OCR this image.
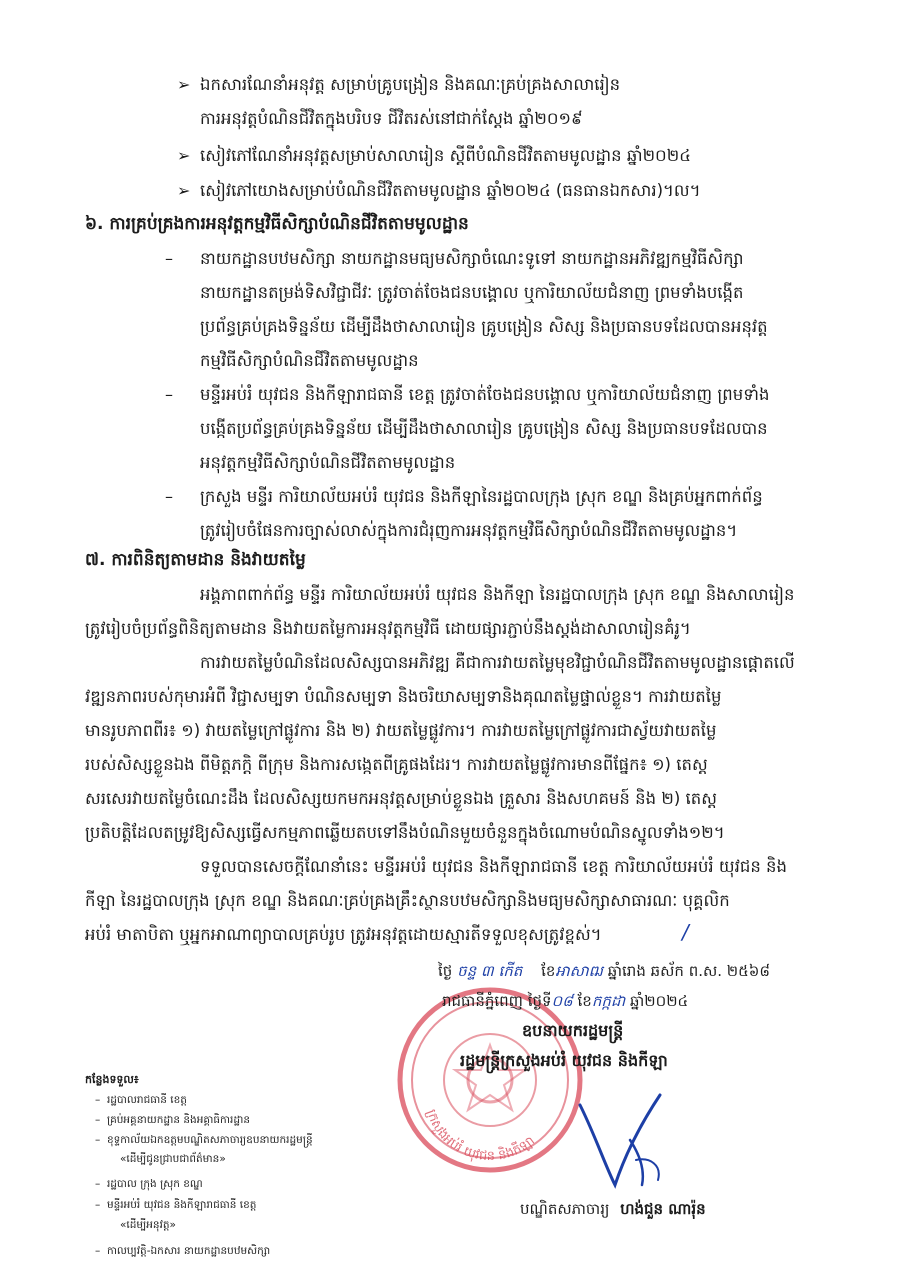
➢ ឯកសារណែនាំអនុវត្ត សម្រាប់គ្រូបង្រៀន និងគណៈគ្រប់គ្រងសាលារៀន
ការអនុវត្តបំណិនជីវិតក្នុងបរិបទ ជីវិតរស់នៅជាក់ស្តែង ឆ្នាំ២០១៩
➢ សៀវភៅណែនាំអនុវត្តសម្រាប់សាលារៀន ស្តីពីបំណិនជីវិតតាមមូលដ្ឋាន ឆ្នាំ២០២៤
➢ សៀវភៅយោងសម្រាប់បំណិនជីវិតតាមមូលដ្ឋាន ឆ្នាំ២០២៤ (ធនធានឯកសារ)។ល។
៦. ការគ្រប់គ្រងការអនុវត្តកម្មវិធីសិក្សាបំណិនជីវិតតាមមូលដ្ឋាន
– នាយកដ្ឋានបឋមសិក្សា នាយកដ្ឋានមធ្យមសិក្សាចំណេះទូទៅ នាយកដ្ឋានអភិវឌ្ឍកម្មវិធីសិក្សា
នាយកដ្ឋានតម្រង់ទិសវិជ្ជាជីវៈ ត្រូវចាត់ចែងជនបង្គោល ឬការិយាល័យជំនាញ ព្រមទាំងបង្កើត
ប្រព័ន្ធគ្រប់គ្រងទិន្នន័យ ដើម្បីដឹងថាសាលារៀន គ្រូបង្រៀន សិស្ស និងប្រធានបទដែលបានអនុវត្ត
កម្មវិធីសិក្សាបំណិនជីវិតតាមមូលដ្ឋាន
– មន្ទីរអប់រំ យុវជន និងកីឡារាជធានី ខេត្ត ត្រូវចាត់ចែងជនបង្គោល ឬការិយាល័យជំនាញ ព្រមទាំង
បង្កើតប្រព័ន្ធគ្រប់គ្រងទិន្នន័យ ដើម្បីដឹងថាសាលារៀន គ្រូបង្រៀន សិស្ស និងប្រធានបទដែលបាន
អនុវត្តកម្មវិធីសិក្សាបំណិនជីវិតតាមមូលដ្ឋាន
– ក្រសួង មន្ទីរ ការិយាល័យអប់រំ យុវជន និងកីឡានៃរដ្ឋបាលក្រុង ស្រុក ខណ្ឌ និងគ្រប់អ្នកពាក់ព័ន្ធ
ត្រូវរៀបចំផែនការច្បាស់លាស់ក្នុងការជំរុញការអនុវត្តកម្មវិធីសិក្សាបំណិនជីវិតតាមមូលដ្ឋាន។
៧. ការពិនិត្យតាមដាន និងវាយតម្លៃ
អង្គភាពពាក់ព័ន្ធ មន្ទីរ ការិយាល័យអប់រំ យុវជន និងកីឡា នៃរដ្ឋបាលក្រុង ស្រុក ខណ្ឌ និងសាលារៀន
ត្រូវរៀបចំប្រព័ន្ធពិនិត្យតាមដាន និងវាយតម្លៃការអនុវត្តកម្មវិធី ដោយផ្សារភ្ជាប់នឹងស្តង់ដាសាលារៀនគំរូ។
ការវាយតម្លៃបំណិនដែលសិស្សបានអភិវឌ្ឍ គឺជាការវាយតម្លៃមុខវិជ្ជាបំណិនជីវិតតាមមូលដ្ឋានផ្តោតលើ
វឌ្ឍនភាពរបស់កុមារអំពី វិជ្ជាសម្បទា បំណិនសម្បទា និងចរិយាសម្បទានិងគុណតម្លៃផ្ទាល់ខ្លួន។ ការវាយតម្លៃ
មានរូបភាពពីរ៖ ១) វាយតម្លៃក្រៅផ្លូវការ និង ២) វាយតម្លៃផ្លូវការ។ ការវាយតម្លៃក្រៅផ្លូវការជាស្វ័យវាយតម្លៃ
របស់សិស្សខ្លួនឯង ពីមិត្តភក្តិ ពីក្រុម និងការសង្កេតពីគ្រូផងដែរ។ ការវាយតម្លៃផ្លូវការមានពីផ្នែក៖ ១) តេស្ត
សរសេរវាយតម្លៃចំណេះដឹង ដែលសិស្សយកមកអនុវត្តសម្រាប់ខ្លួនឯង គ្រួសារ និងសហគមន៍ និង ២) តេស្ត
ប្រតិបត្តិដែលតម្រូវឱ្យសិស្សធ្វើសកម្មភាពឆ្លើយតបទៅនឹងបំណិនមួយចំនួនក្នុងចំណោមបំណិនស្នូលទាំង១២។
ទទួលបានសេចក្តីណែនាំនេះ មន្ទីរអប់រំ យុវជន និងកីឡារាជធានី ខេត្ត ការិយាល័យអប់រំ យុវជន និង
កីឡា នៃរដ្ឋបាលក្រុង ស្រុក ខណ្ឌ និងគណៈគ្រប់គ្រងគ្រឹះស្ថានបឋមសិក្សានិងមធ្យមសិក្សាសាធារណៈ បុគ្គលិក
អប់រំ មាតាបិតា ឬអ្នកអាណាព្យាបាលគ្រប់រូប ត្រូវអនុវត្តដោយស្មារតីទទួលខុសត្រូវខ្ពស់។	/
ក្រសួងអប់រំ យុវជន និងកីឡា
ថ្ងៃ ចន្ទ ៣ កើត ខែអាសាឍ ឆ្នាំរោង ឆស័ក ព.ស. ២៥៦៨
រាជធានីភ្នំពេញ ថ្ងៃទី០៨ ខែកក្កដា ឆ្នាំ២០២៤
ឧបនាយករដ្ឋមន្ត្រី
រដ្ឋមន្ត្រីក្រសួងអប់រំ យុវជន និងកីឡា
បណ្ឌិតសភាចារ្យ ហង់ជួន ណារ៉ុន
កន្លែងទទួល៖
–  រដ្ឋបាលរាជធានី ខេត្ត
–  គ្រប់អគ្គនាយកដ្ឋាន និងអគ្គាធិការដ្ឋាន
–  ខុទ្ទកាល័យឯកឧត្តមបណ្ឌិតសភាចារ្យឧបនាយករដ្ឋមន្ត្រី
«ដើម្បីជូនជ្រាបជាព័ត៌មាន»
–  រដ្ឋបាល ក្រុង ស្រុក ខណ្ឌ
–  មន្ទីរអប់រំ យុវជន និងកីឡារាជធានី ខេត្ត
«ដើម្បីអនុវត្ត»
–  កាលប្បវត្តិ-ឯកសារ នាយកដ្ឋានបឋមសិក្សា
